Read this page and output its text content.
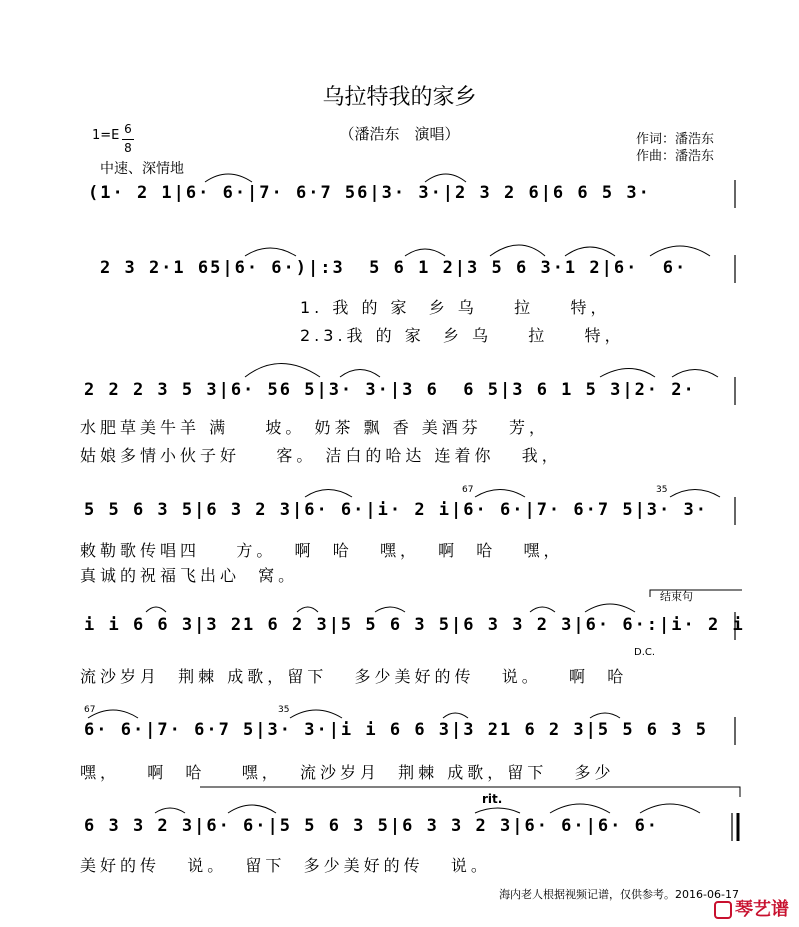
乌拉特我的家乡
（潘浩东　演唱）
1=E 6
8
中速、深情地
作词：潘浩东
作曲：潘浩东
(1· 2 1|6· 6·|7· 6·7 56|3· 3·|2 3 2 6|6 6 5 3·
2 3 2·1 65|6· 6·)|:3  5 6 1 2|3 5 6 3·1 2|6·  6·
1. 我 的 家  乡 乌    拉    特，
2.3.我 的 家  乡 乌    拉    特，
2 2 2 3 5 3|6· 56 5|3· 3·|3 6  6 5|3 6 1 5 3|2· 2·
水肥草美牛羊 满    坡。 奶茶 飘 香 美酒芬   芳，
姑娘多情小伙子好    客。 洁白的哈达 连着你   我，
67	35
5 5 6 3 5|6 3 2 3|6· 6·|i· 2 i|6· 6·|7· 6·7 5|3· 3·
敕勒歌传唱四    方。  啊  哈   嘿，  啊  哈   嘿，
真诚的祝福飞出心  窝。
结束句
i i 6 6 3|3 21 6 2 3|5 5 6 3 5|6 3 3 2 3|6· 6·:|i· 2 i
D.C.
流沙岁月  荆棘 成歌，留下   多少美好的传   说。   啊  哈
67	35
6· 6·|7· 6·7 5|3· 3·|i i 6 6 3|3 21 6 2 3|5 5 6 3 5
嘿，   啊  哈    嘿，  流沙岁月  荆棘 成歌，留下   多少
rit.
6 3 3 2 3|6· 6·|5 5 6 3 5|6 3 3 2 3|6· 6·|6· 6·
美好的传   说。  留下  多少美好的传   说。
海内老人根据视频记谱，仅供参考。2016-06-17
琴艺谱
